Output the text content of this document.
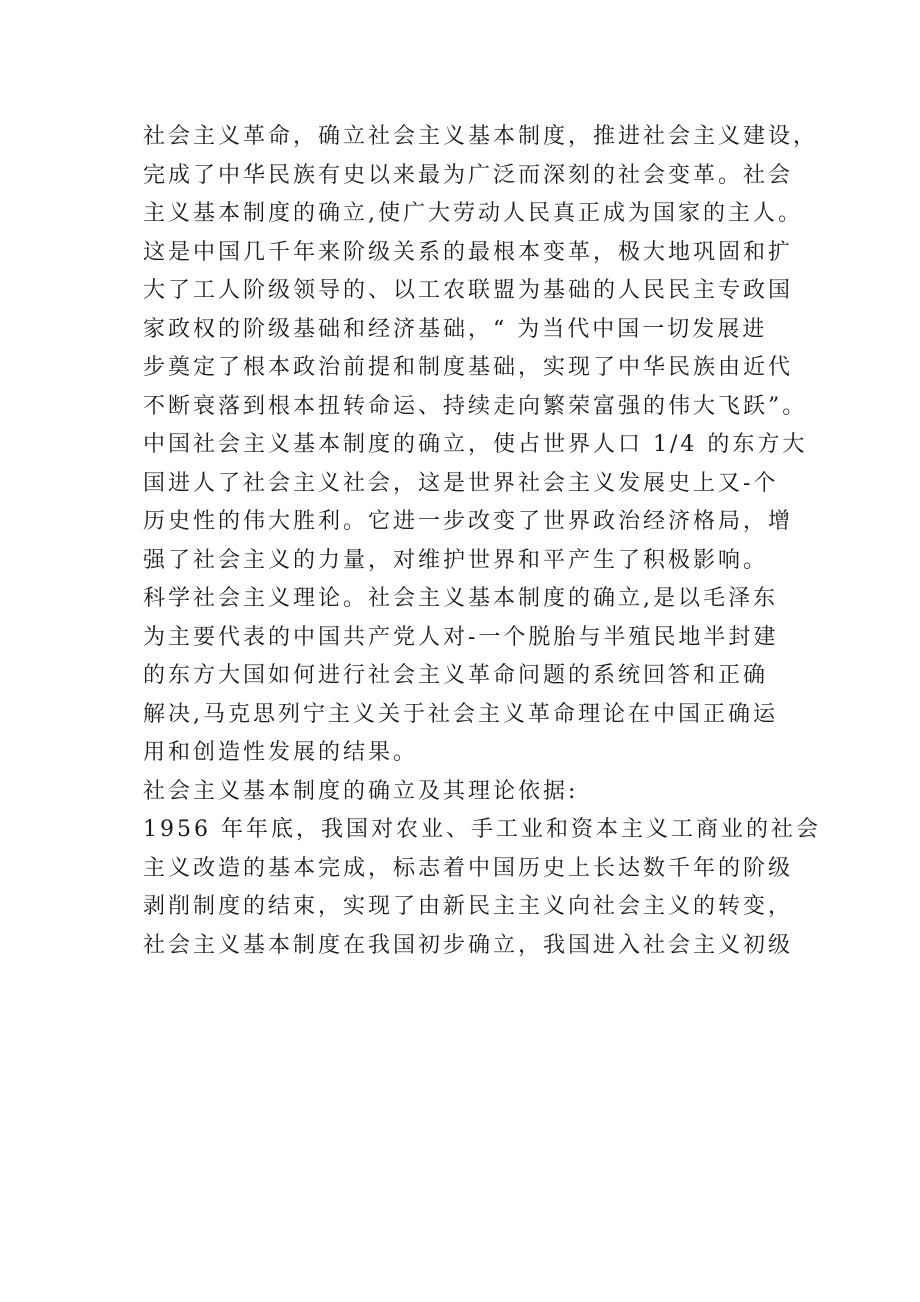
社会主义革命，确立社会主义基本制度，推进社会主义建设，
完成了中华民族有史以来最为广泛而深刻的社会变革。社会
主义基本制度的确立,使广大劳动人民真正成为国家的主人。
这是中国几千年来阶级关系的最根本变革，极大地巩固和扩
大了工人阶级领导的、以工农联盟为基础的人民民主专政国
家政权的阶级基础和经济基础，“ 为当代中国一切发展进
步奠定了根本政治前提和制度基础，实现了中华民族由近代
不断衰落到根本扭转命运、持续走向繁荣富强的伟大飞跃”。
中国社会主义基本制度的确立，使占世界人口 1/4 的东方大
国进人了社会主义社会，这是世界社会主义发展史上又-个
历史性的伟大胜利。它进一步改变了世界政治经济格局，增
强了社会主义的力量，对维护世界和平产生了积极影响。
科学社会主义理论。社会主义基本制度的确立,是以毛泽东
为主要代表的中国共产党人对-一个脱胎与半殖民地半封建
的东方大国如何进行社会主义革命问题的系统回答和正确
解决,马克思列宁主义关于社会主义革命理论在中国正确运
用和创造性发展的结果。
社会主义基本制度的确立及其理论依据:
1956 年年底，我国对农业、手工业和资本主义工商业的社会
主义改造的基本完成，标志着中国历史上长达数千年的阶级
剥削制度的结束，实现了由新民主主义向社会主义的转变，
社会主义基本制度在我国初步确立，我国进入社会主义初级
